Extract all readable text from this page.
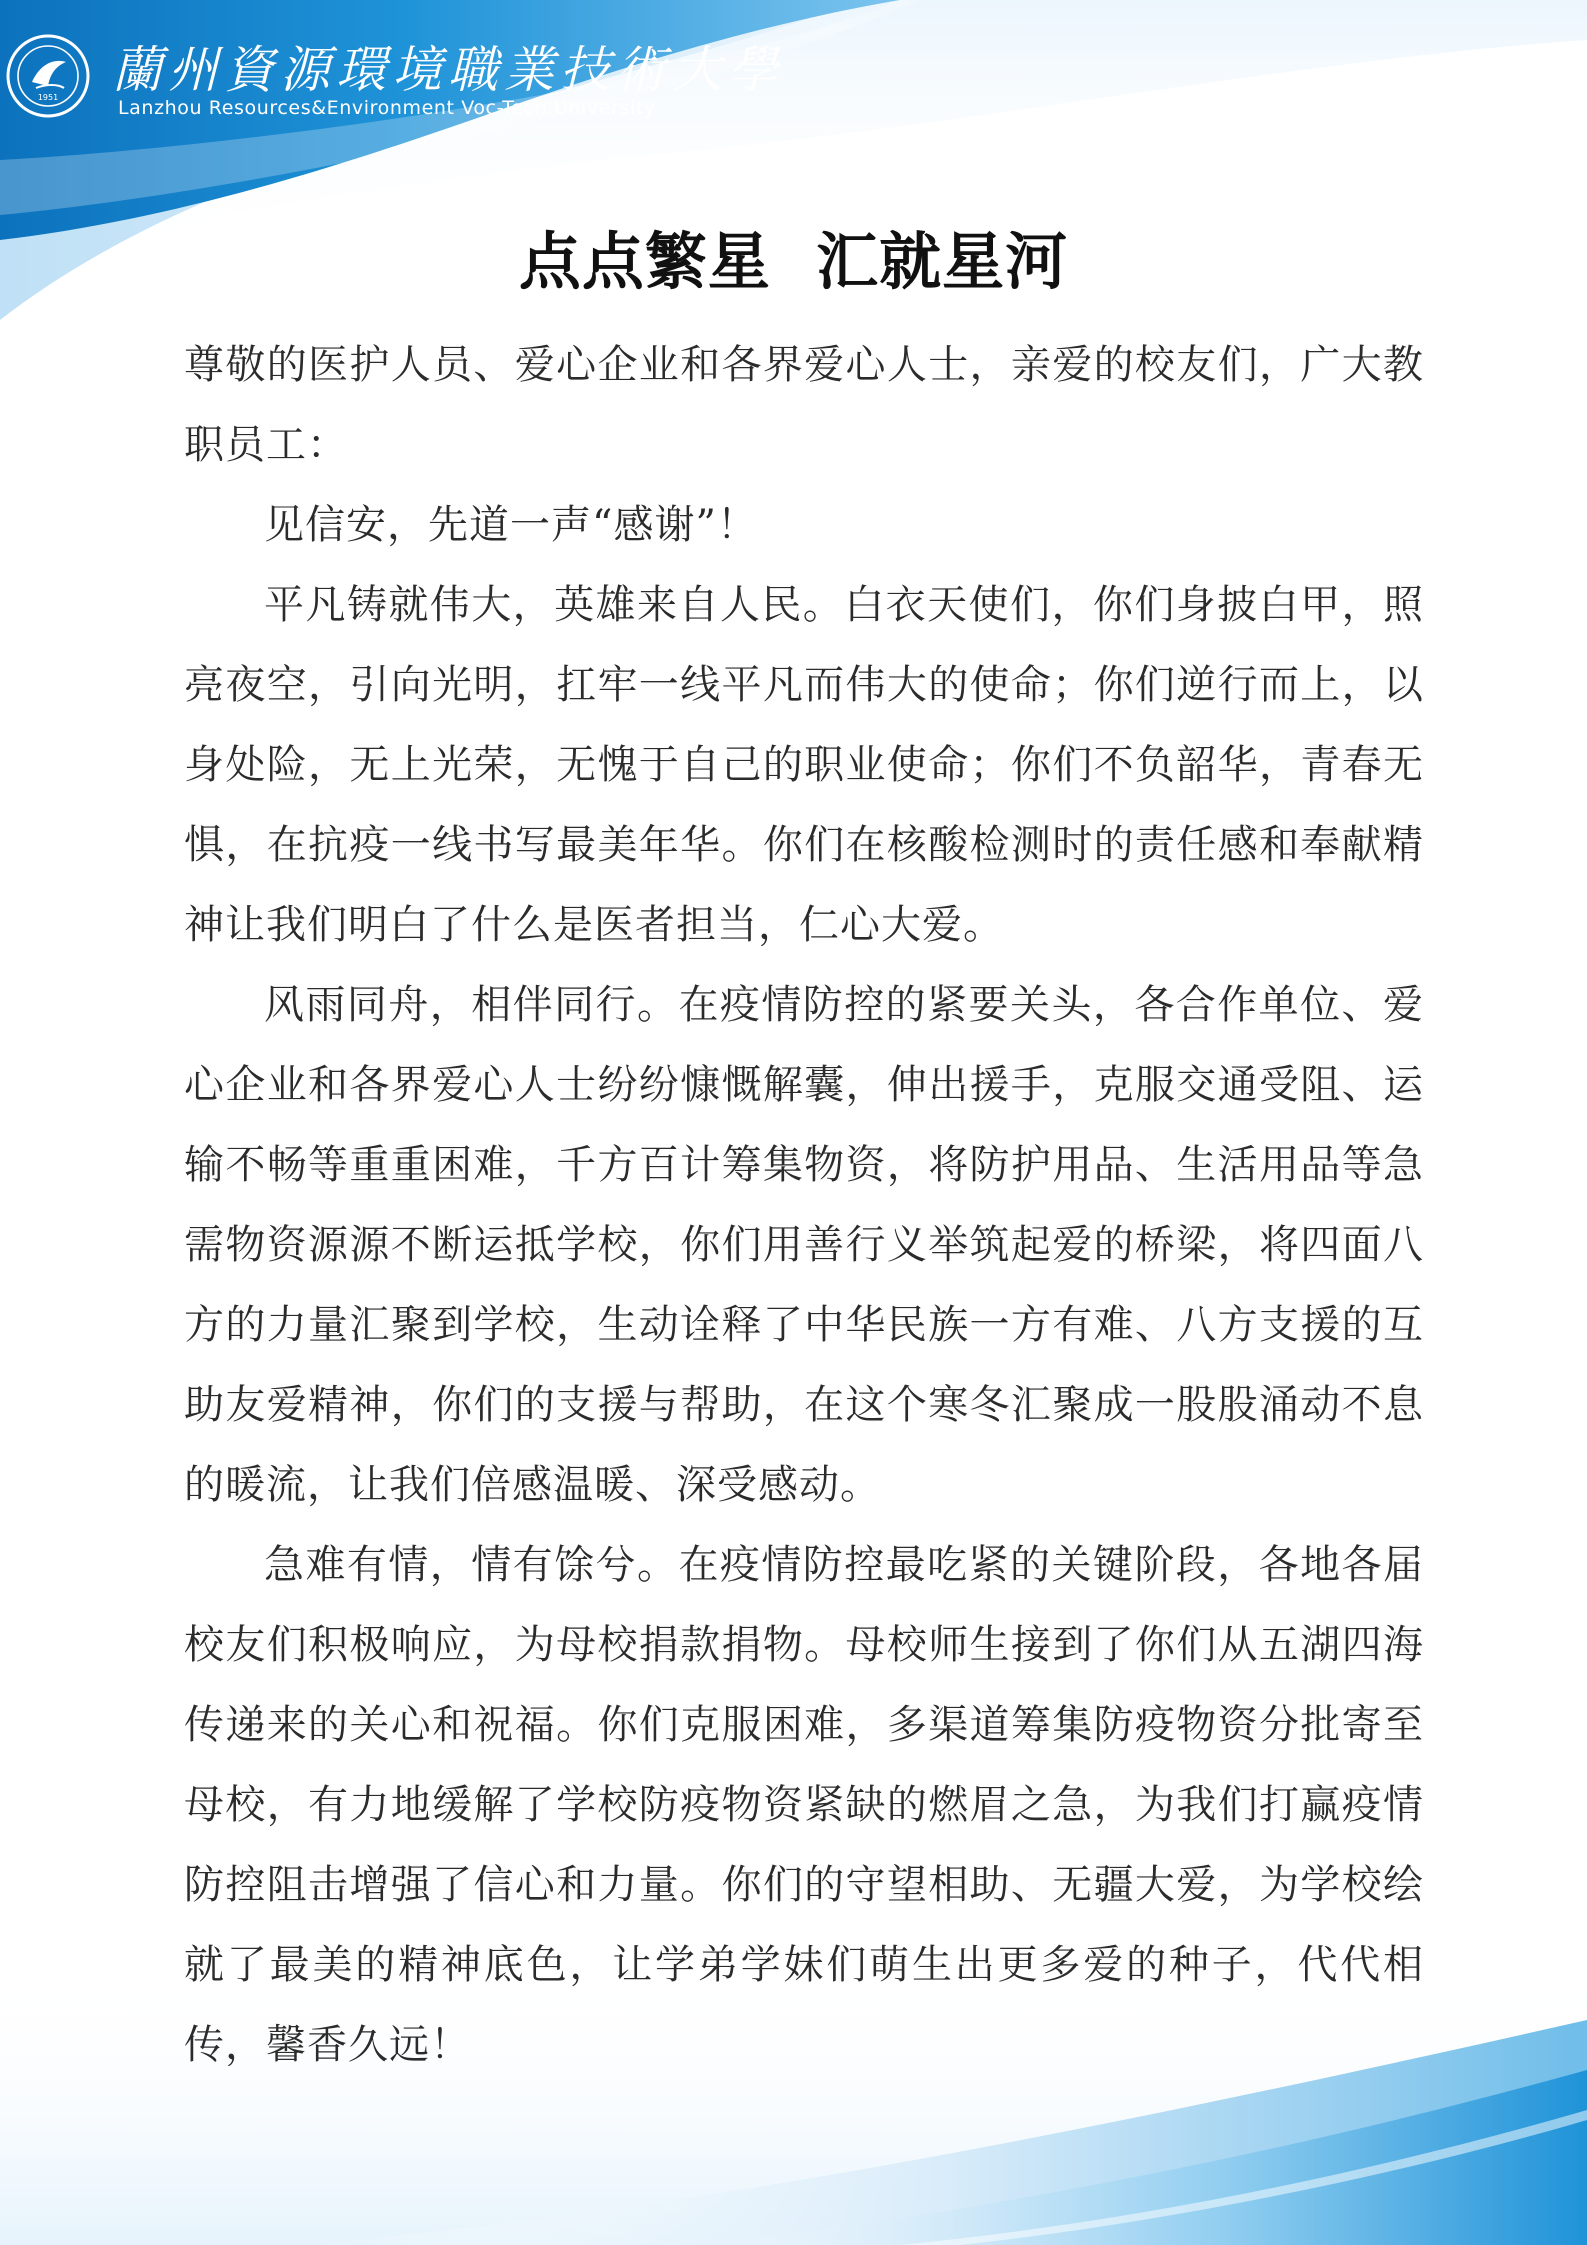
1951 蘭州資源環境職業技術大學
Lanzhou Resources&Environment Voc-Tech University
点点繁星  汇就星河

尊敬的医护人员、爱心企业和各界爱心人士，亲爱的校友们，广大教职员工：

见信安，先道一声“感谢”！

平凡铸就伟大，英雄来自人民。白衣天使们，你们身披白甲，照亮夜空，引向光明，扛牢一线平凡而伟大的使命；你们逆行而上，以身处险，无上光荣，无愧于自己的职业使命；你们不负韶华，青春无惧，在抗疫一线书写最美年华。你们在核酸检测时的责任感和奉献精神让我们明白了什么是医者担当，仁心大爱。

风雨同舟，相伴同行。在疫情防控的紧要关头，各合作单位、爱心企业和各界爱心人士纷纷慷慨解囊，伸出援手，克服交通受阻、运输不畅等重重困难，千方百计筹集物资，将防护用品、生活用品等急需物资源源不断运抵学校，你们用善行义举筑起爱的桥梁，将四面八方的力量汇聚到学校，生动诠释了中华民族一方有难、八方支援的互助友爱精神，你们的支援与帮助，在这个寒冬汇聚成一股股涌动不息的暖流，让我们倍感温暖、深受感动。

急难有情，情有馀兮。在疫情防控最吃紧的关键阶段，各地各届校友们积极响应，为母校捐款捐物。母校师生接到了你们从五湖四海传递来的关心和祝福。你们克服困难，多渠道筹集防疫物资分批寄至母校，有力地缓解了学校防疫物资紧缺的燃眉之急，为我们打赢疫情防控阻击增强了信心和力量。你们的守望相助、无疆大爱，为学校绘就了最美的精神底色，让学弟学妹们萌生出更多爱的种子，代代相传，馨香久远！
